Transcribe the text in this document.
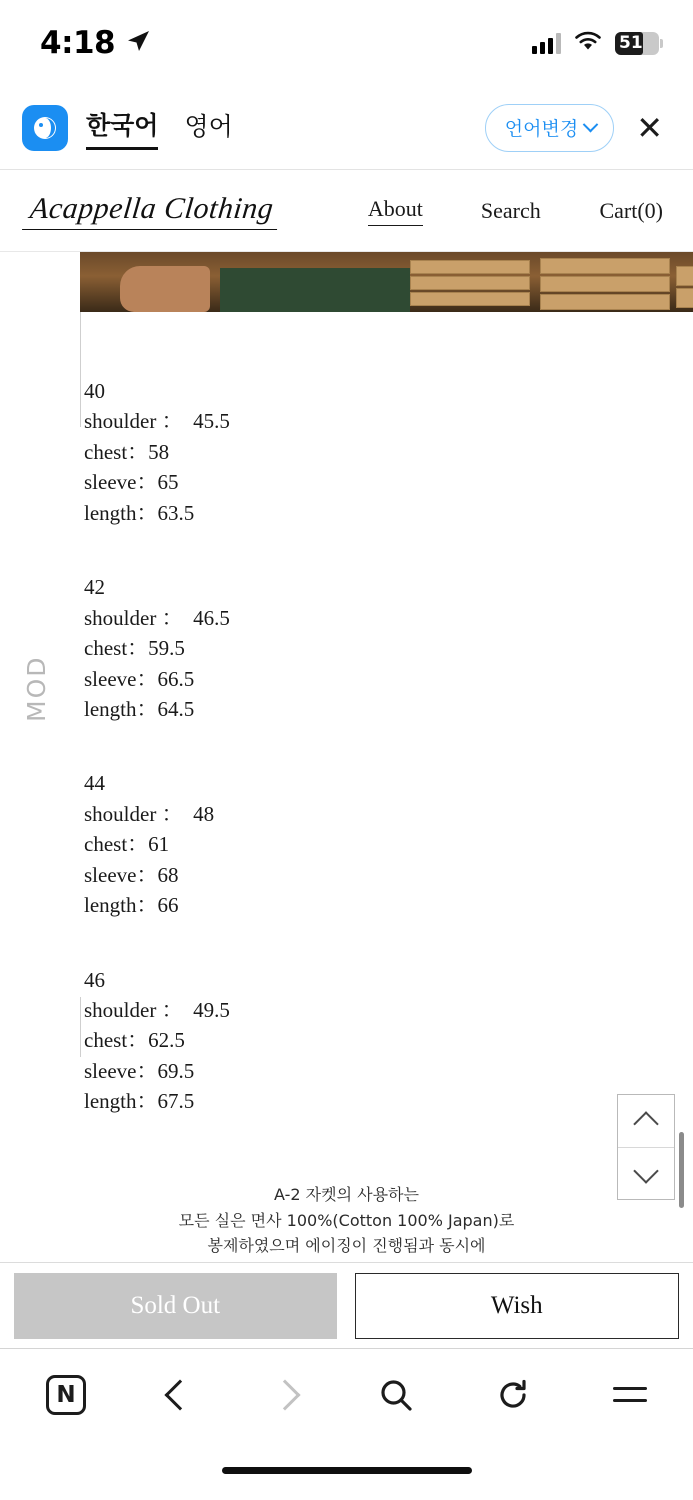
4:18	51
한국어 영어	언어변경 ✕
Acappella Clothing	About	Search	Cart(0)
MOD
40
shoulder ：  45.5
chest：58
sleeve：65
length：63.5
42
shoulder ：  46.5
chest：59.5
sleeve：66.5
length：64.5
44
shoulder ：  48
chest：61
sleeve：68
length：66
46
shoulder ：  49.5
chest：62.5
sleeve：69.5
length：67.5
A-2 자켓의 사용하는
모든 실은 면사 100%(Cotton 100% Japan)로
봉제하였으며 에이징이 진행됨과 동시에
Sold Out	Wish
N
